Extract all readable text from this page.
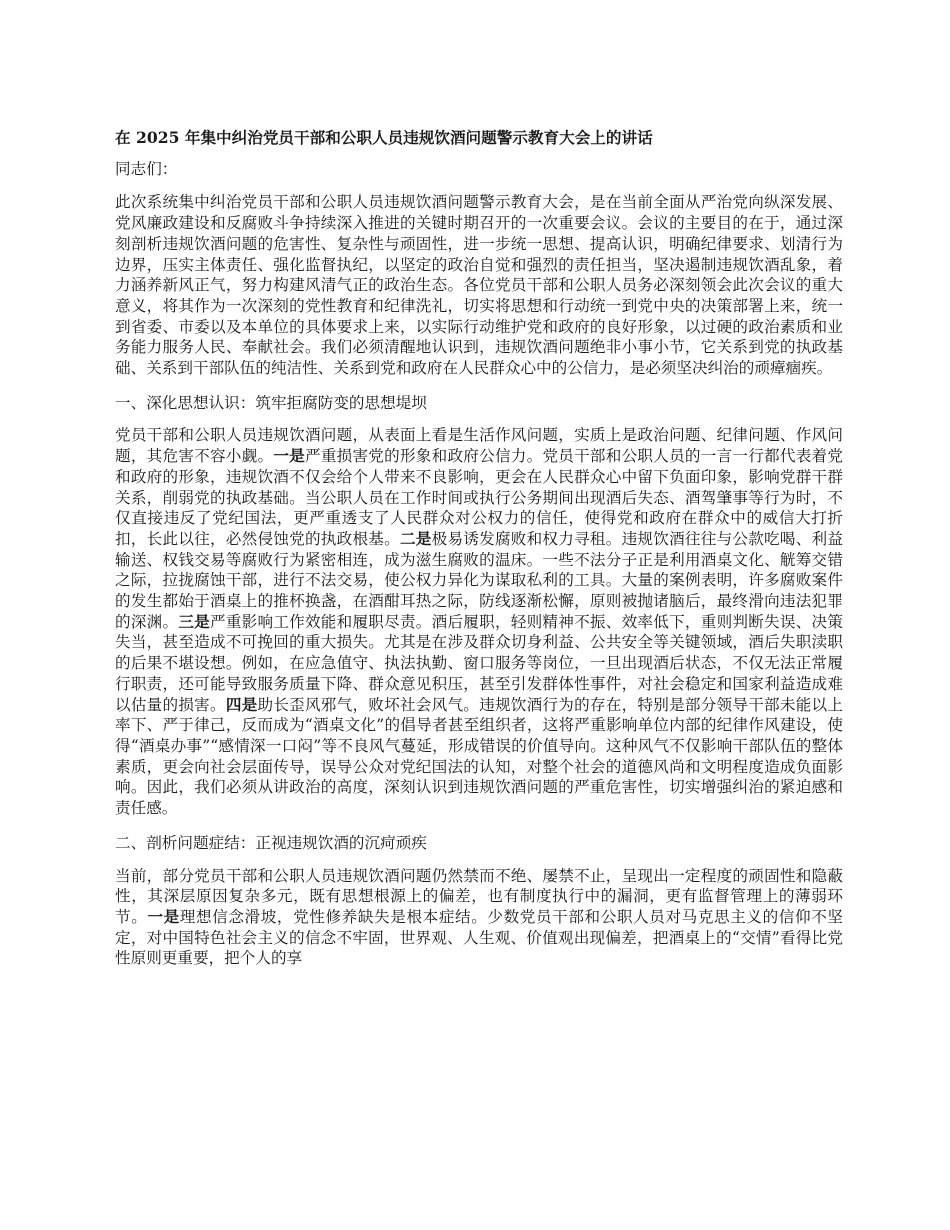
在 2025 年集中纠治党员干部和公职人员违规饮酒问题警示教育大会上的讲话

同志们：

此次系统集中纠治党员干部和公职人员违规饮酒问题警示教育大会，是在当前全面从严治党向纵深发展、党风廉政建设和反腐败斗争持续深入推进的关键时期召开的一次重要会议。会议的主要目的在于，通过深刻剖析违规饮酒问题的危害性、复杂性与顽固性，进一步统一思想、提高认识，明确纪律要求、划清行为边界，压实主体责任、强化监督执纪，以坚定的政治自觉和强烈的责任担当，坚决遏制违规饮酒乱象，着力涵养新风正气，努力构建风清气正的政治生态。各位党员干部和公职人员务必深刻领会此次会议的重大意义，将其作为一次深刻的党性教育和纪律洗礼，切实将思想和行动统一到党中央的决策部署上来，统一到省委、市委以及本单位的具体要求上来，以实际行动维护党和政府的良好形象，以过硬的政治素质和业务能力服务人民、奉献社会。我们必须清醒地认识到，违规饮酒问题绝非小事小节，它关系到党的执政基础、关系到干部队伍的纯洁性、关系到党和政府在人民群众心中的公信力，是必须坚决纠治的顽瘴痼疾。

一、深化思想认识：筑牢拒腐防变的思想堤坝

党员干部和公职人员违规饮酒问题，从表面上看是生活作风问题，实质上是政治问题、纪律问题、作风问题，其危害不容小觑。一是严重损害党的形象和政府公信力。党员干部和公职人员的一言一行都代表着党和政府的形象，违规饮酒不仅会给个人带来不良影响，更会在人民群众心中留下负面印象，影响党群干群关系，削弱党的执政基础。当公职人员在工作时间或执行公务期间出现酒后失态、酒驾肇事等行为时，不仅直接违反了党纪国法，更严重透支了人民群众对公权力的信任，使得党和政府在群众中的威信大打折扣，长此以往，必然侵蚀党的执政根基。二是极易诱发腐败和权力寻租。违规饮酒往往与公款吃喝、利益输送、权钱交易等腐败行为紧密相连，成为滋生腐败的温床。一些不法分子正是利用酒桌文化、觥筹交错之际，拉拢腐蚀干部，进行不法交易，使公权力异化为谋取私利的工具。大量的案例表明，许多腐败案件的发生都始于酒桌上的推杯换盏，在酒酣耳热之际，防线逐渐松懈，原则被抛诸脑后，最终滑向违法犯罪的深渊。三是严重影响工作效能和履职尽责。酒后履职，轻则精神不振、效率低下，重则判断失误、决策失当，甚至造成不可挽回的重大损失。尤其是在涉及群众切身利益、公共安全等关键领域，酒后失职渎职的后果不堪设想。例如，在应急值守、执法执勤、窗口服务等岗位，一旦出现酒后状态，不仅无法正常履行职责，还可能导致服务质量下降、群众意见积压，甚至引发群体性事件，对社会稳定和国家利益造成难以估量的损害。四是助长歪风邪气，败坏社会风气。违规饮酒行为的存在，特别是部分领导干部未能以上率下、严于律己，反而成为“酒桌文化”的倡导者甚至组织者，这将严重影响单位内部的纪律作风建设，使得“酒桌办事”“感情深一口闷”等不良风气蔓延，形成错误的价值导向。这种风气不仅影响干部队伍的整体素质，更会向社会层面传导，误导公众对党纪国法的认知，对整个社会的道德风尚和文明程度造成负面影响。因此，我们必须从讲政治的高度，深刻认识到违规饮酒问题的严重危害性，切实增强纠治的紧迫感和责任感。

二、剖析问题症结：正视违规饮酒的沉疴顽疾

当前，部分党员干部和公职人员违规饮酒问题仍然禁而不绝、屡禁不止，呈现出一定程度的顽固性和隐蔽性，其深层原因复杂多元，既有思想根源上的偏差，也有制度执行中的漏洞，更有监督管理上的薄弱环节。一是理想信念滑坡，党性修养缺失是根本症结。少数党员干部和公职人员对马克思主义的信仰不坚定，对中国特色社会主义的信念不牢固，世界观、人生观、价值观出现偏差，把酒桌上的“交情”看得比党性原则更重要，把个人的享
